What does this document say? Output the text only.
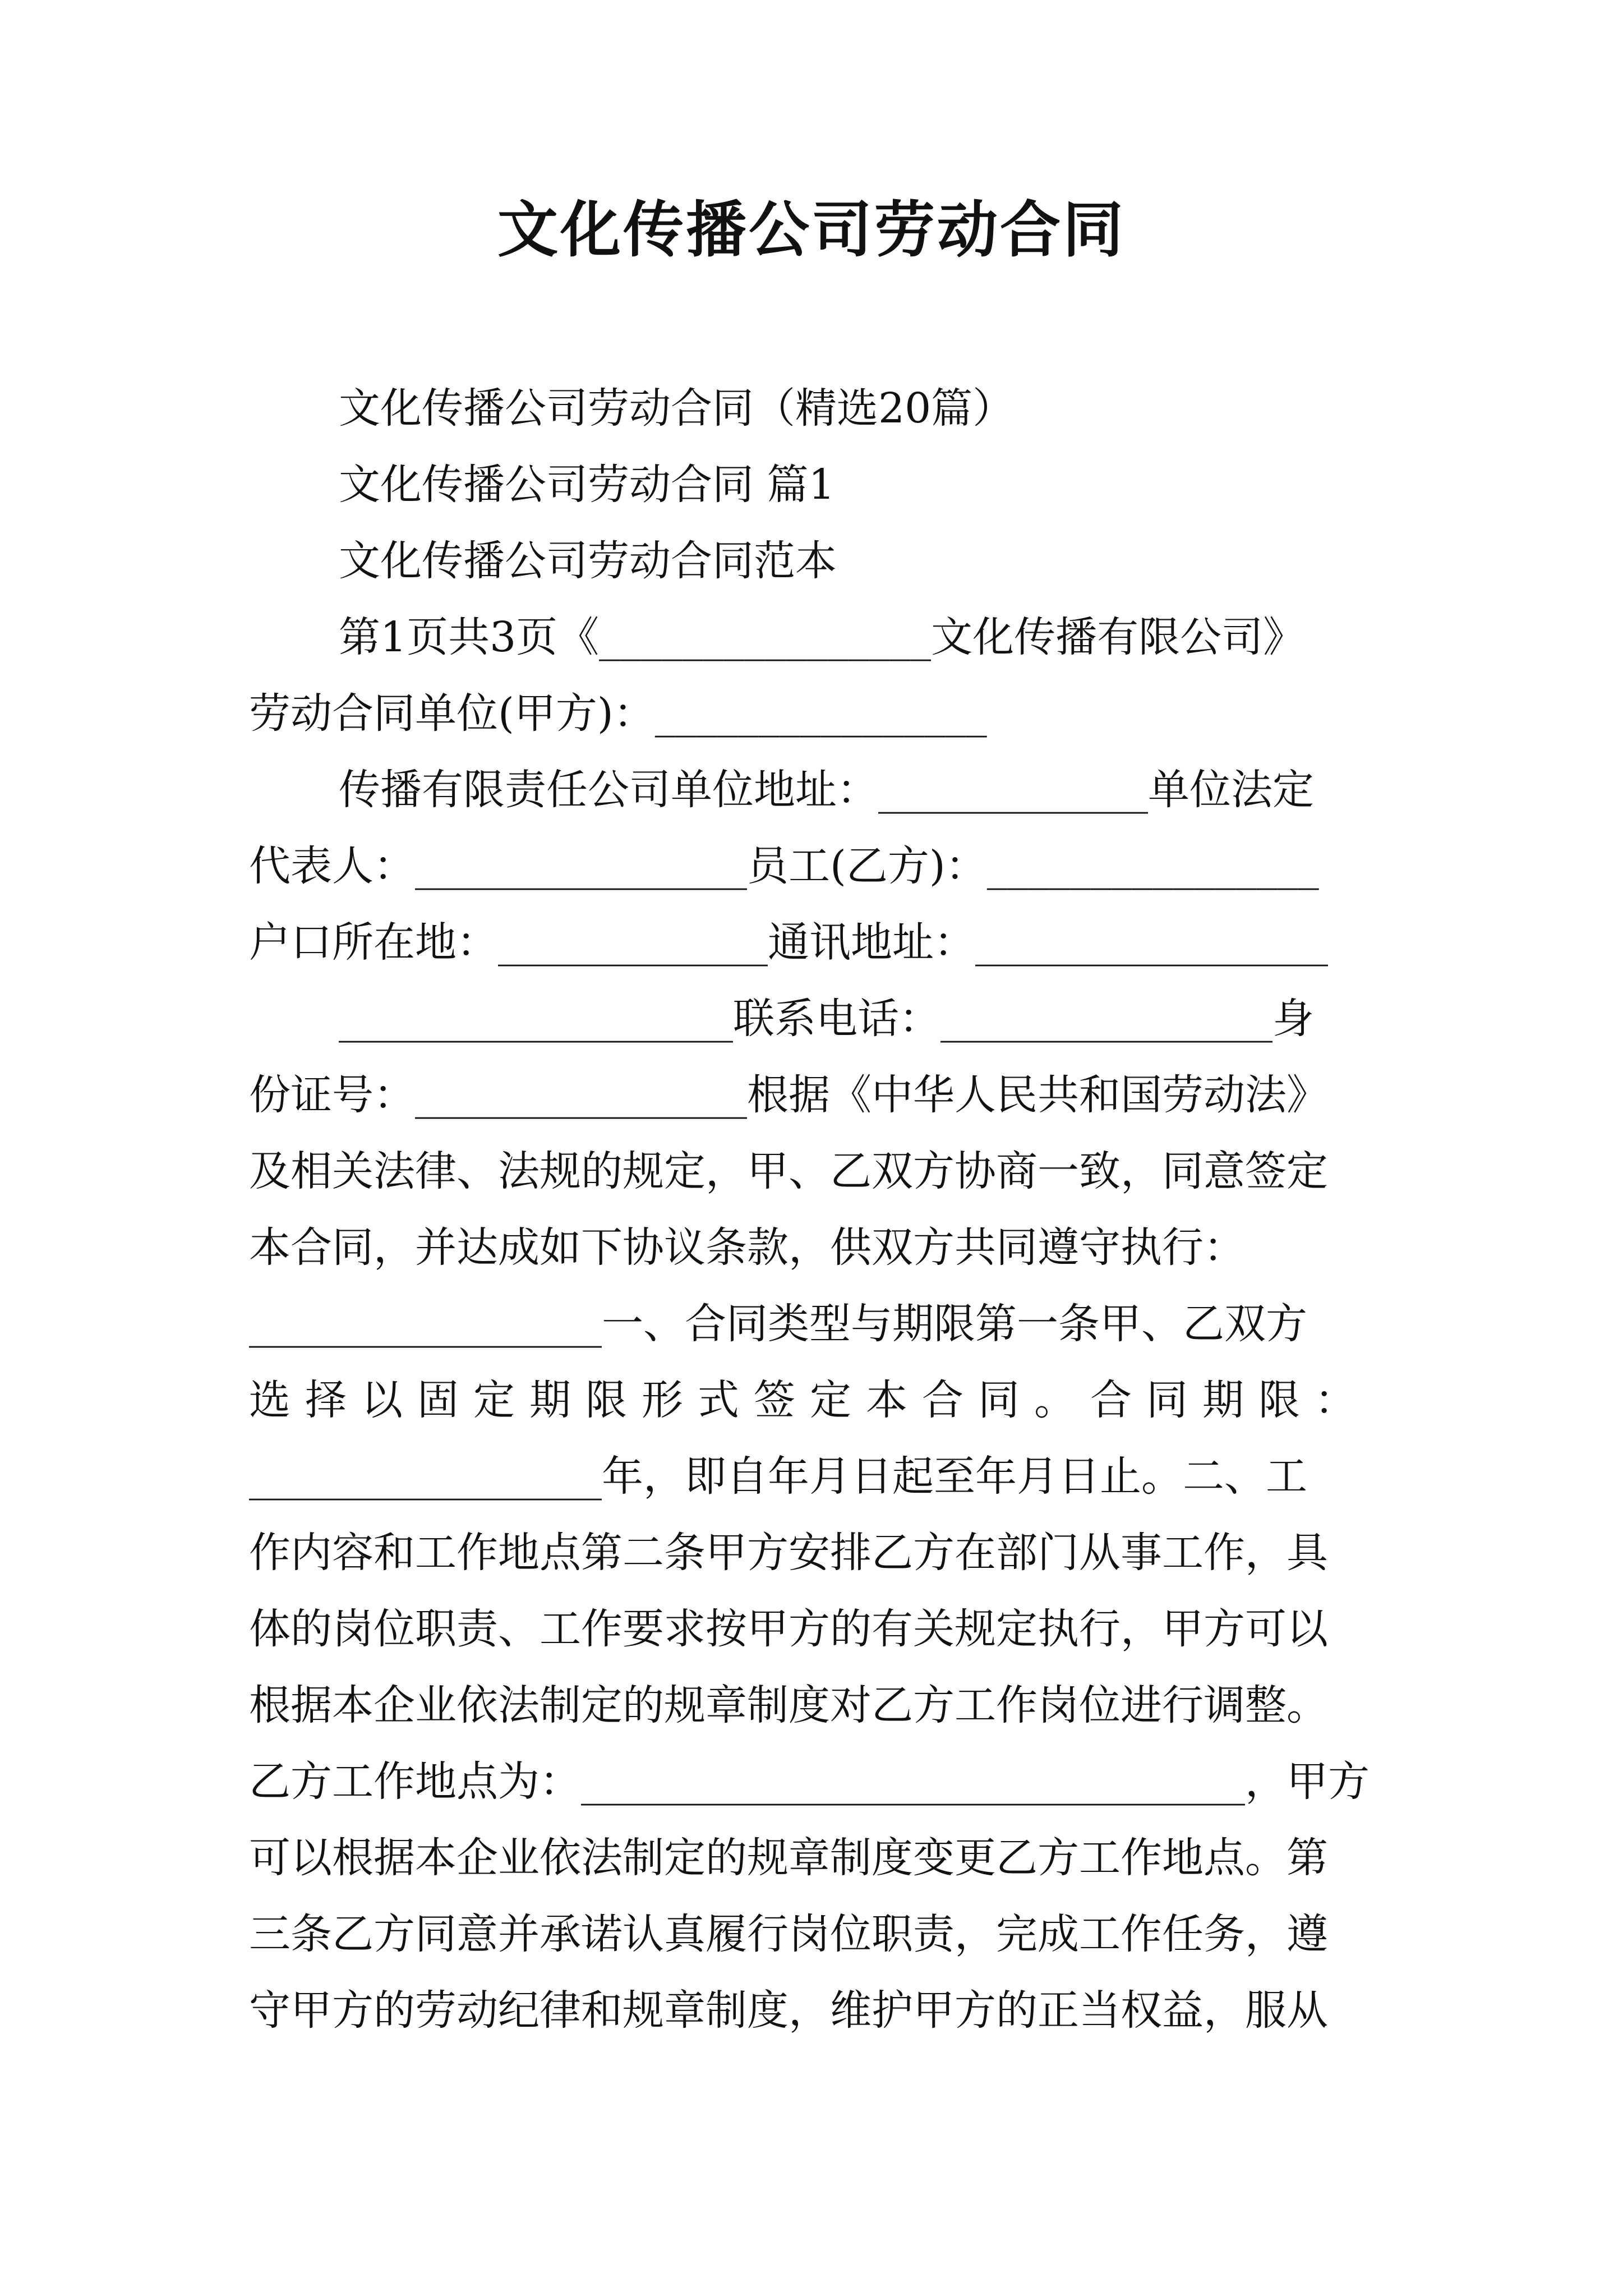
文化传播公司劳动合同
文化传播公司劳动合同（精选20篇）
文化传播公司劳动合同 篇1
文化传播公司劳动合同范本
第1页共3页《________________文化传播有限公司》
劳动合同单位(甲方)：________________
传播有限责任公司单位地址：_____________单位法定
代表人：________________员工(乙方)：________________
户口所在地：_____________通讯地址：_________________
___________________联系电话：________________身
份证号：________________根据《中华人民共和国劳动法》
及相关法律、法规的规定，甲、乙双方协商一致，同意签定
本合同，并达成如下协议条款，供双方共同遵守执行：
_________________一、合同类型与期限第一条甲、乙双方
选择以固定期限形式签定本合同。合同期限：
_________________年，即自年月日起至年月日止。二、工
作内容和工作地点第二条甲方安排乙方在部门从事工作，具
体的岗位职责、工作要求按甲方的有关规定执行，甲方可以
根据本企业依法制定的规章制度对乙方工作岗位进行调整。
乙方工作地点为：________________________________，甲方
可以根据本企业依法制定的规章制度变更乙方工作地点。第
三条乙方同意并承诺认真履行岗位职责，完成工作任务，遵
守甲方的劳动纪律和规章制度，维护甲方的正当权益，服从
